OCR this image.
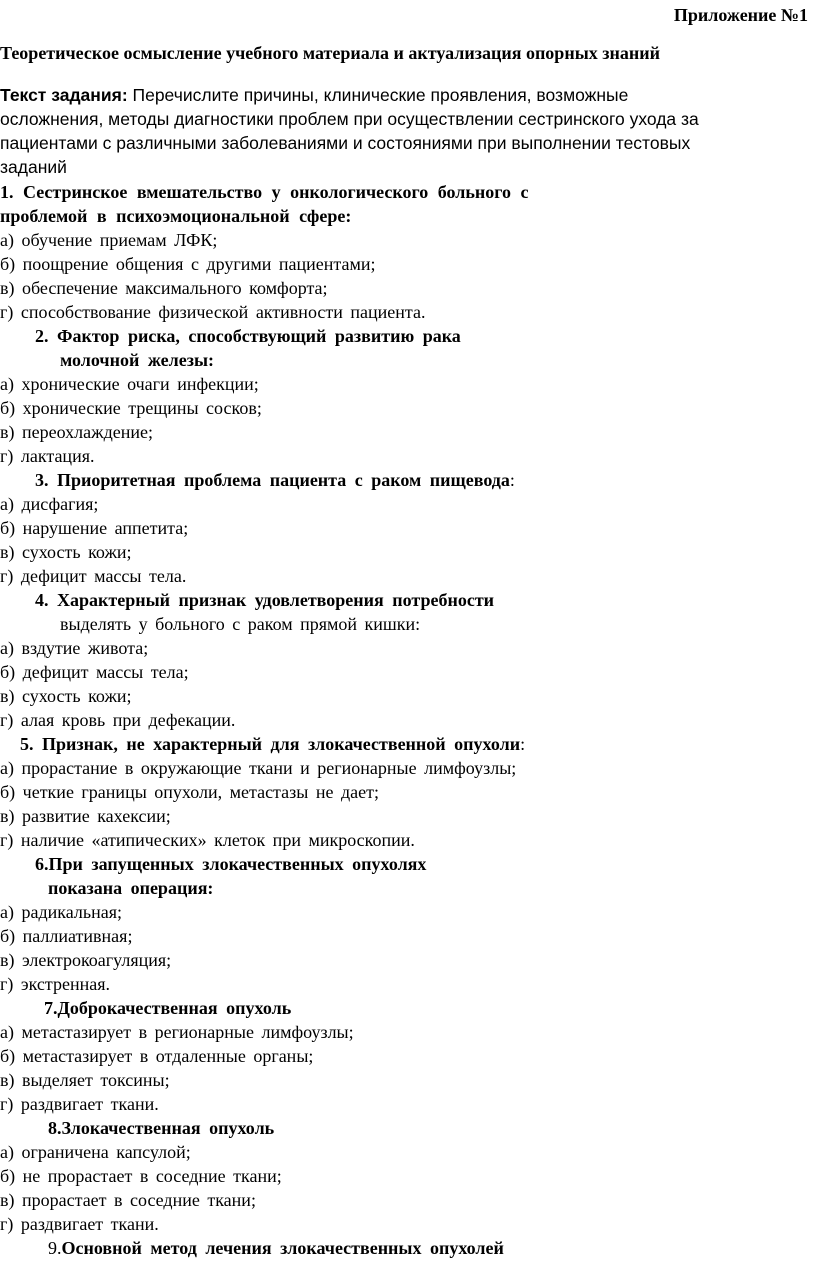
Приложение №1
Теоретическое осмысление учебного материала и актуализация опорных знаний
Текст задания: Перечислите причины, клинические проявления, возможные
осложнения, методы диагностики проблем при осуществлении сестринского ухода за
пациентами с различными заболеваниями и состояниями при выполнении тестовых
заданий
1. Сестринское вмешательство у онкологического больного с
проблемой в психоэмоциональной сфере:
а) обучение приемам ЛФК;
б) поощрение общения с другими пациентами;
в) обеспечение максимального комфорта;
г) способствование физической активности пациента.
2. Фактор риска, способствующий развитию рака
молочной железы:
а) хронические очаги инфекции;
б) хронические трещины сосков;
в) переохлаждение;
г) лактация.
3. Приоритетная проблема пациента с раком пищевода:
а) дисфагия;
б) нарушение аппетита;
в) сухость кожи;
г) дефицит массы тела.
4. Характерный признак удовлетворения потребности
выделять у больного с раком прямой кишки:
а) вздутие живота;
б) дефицит массы тела;
в) сухость кожи;
г) алая кровь при дефекации.
5. Признак, не характерный для злокачественной опухоли:
а) прорастание в окружающие ткани и регионарные лимфоузлы;
б) четкие границы опухоли, метастазы не дает;
в) развитие кахексии;
г) наличие «атипических» клеток при микроскопии.
6.При запущенных злокачественных опухолях
показана операция:
а) радикальная;
б) паллиативная;
в) электрокоагуляция;
г) экстренная.
7.Доброкачественная опухоль
а) метастазирует в регионарные лимфоузлы;
б) метастазирует в отдаленные органы;
в) выделяет токсины;
г) раздвигает ткани.
8.Злокачественная опухоль
а) ограничена капсулой;
б) не прорастает в соседние ткани;
в) прорастает в соседние ткани;
г) раздвигает ткани.
9.Основной метод лечения злокачественных опухолей
